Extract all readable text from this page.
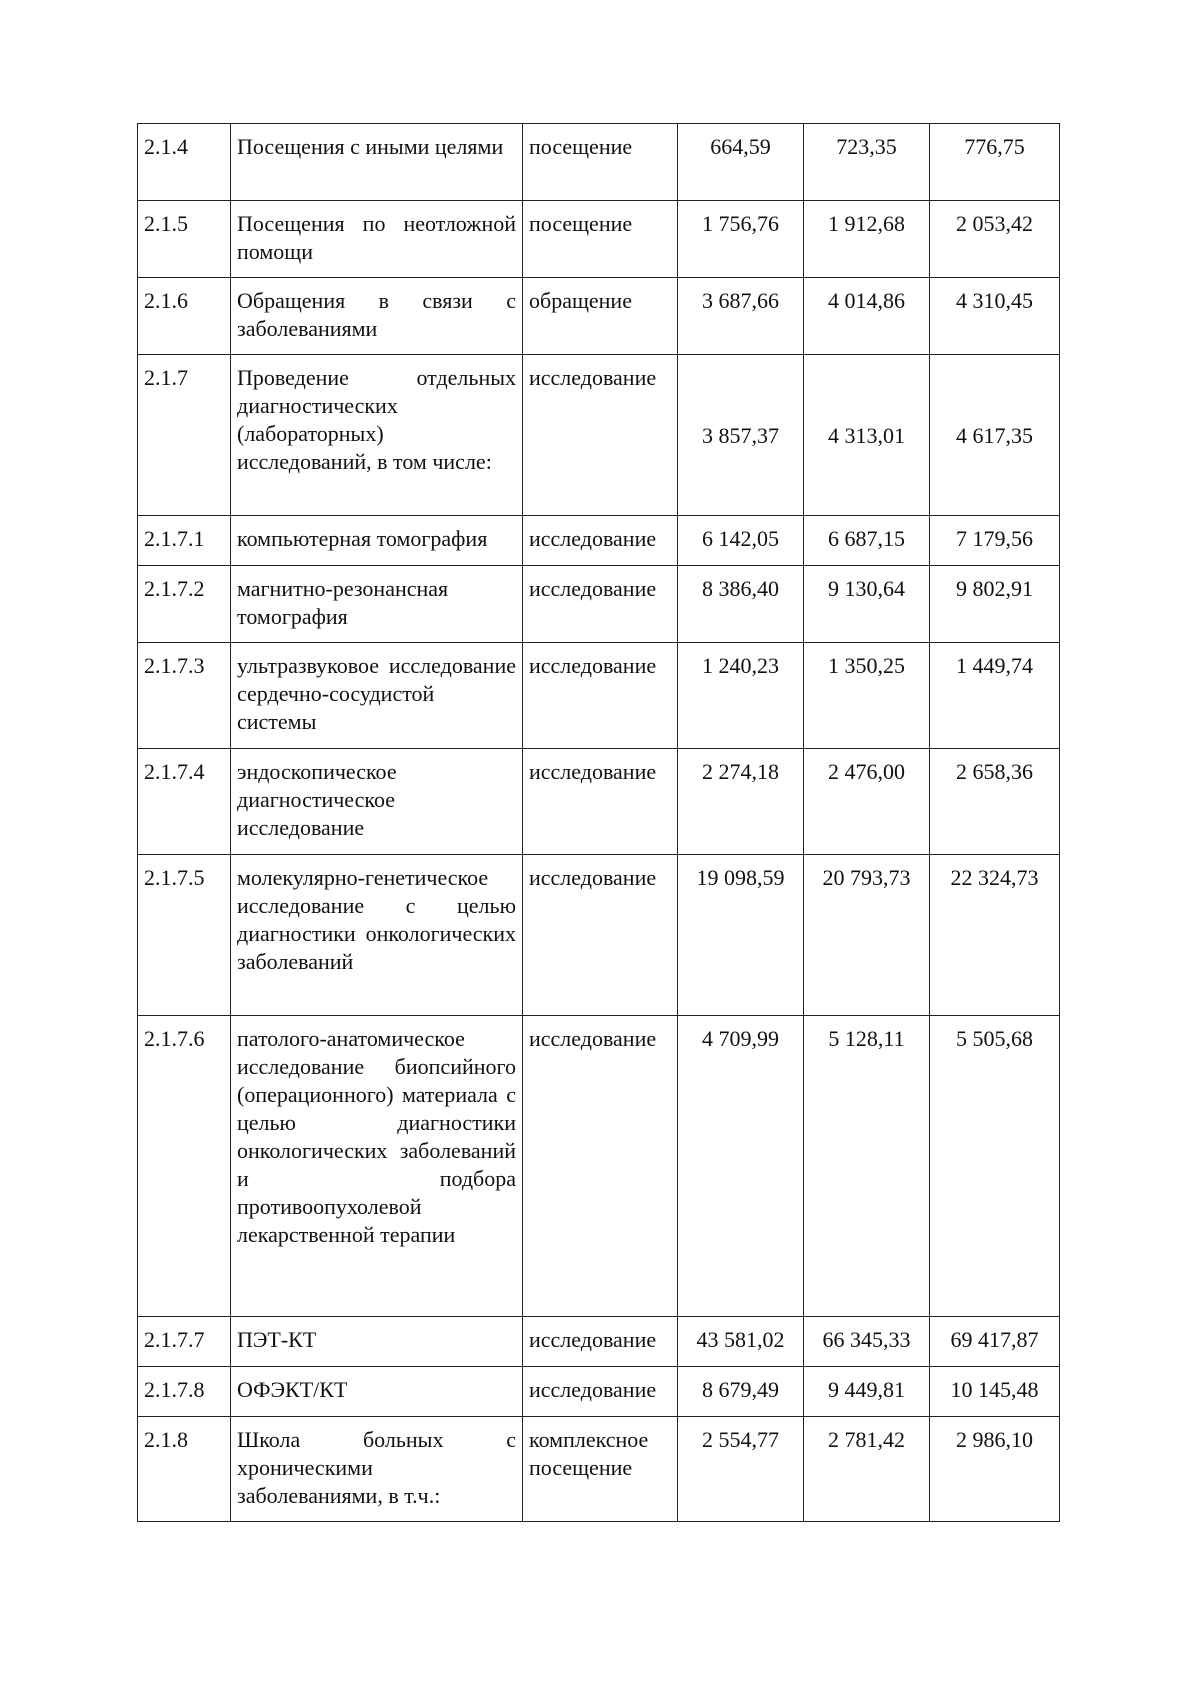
2.1.4	Посещения с иными целями	посещение	664,59	723,35	776,75
2.1.5	Посещения по неотложной помощи	посещение	1 756,76	1 912,68	2 053,42
2.1.6	Обращения в связи с заболеваниями	обращение	3 687,66	4 014,86	4 310,45
2.1.7	Проведение отдельных диагностических (лабораторных) исследований, в том числе:	исследование	3 857,37	4 313,01	4 617,35
2.1.7.1	компьютерная томография	исследование	6 142,05	6 687,15	7 179,56
2.1.7.2	магнитно-резонансная томография	исследование	8 386,40	9 130,64	9 802,91
2.1.7.3	ультразвуковое исследование сердечно-сосудистой системы	исследование	1 240,23	1 350,25	1 449,74
2.1.7.4	эндоскопическое диагностическое исследование	исследование	2 274,18	2 476,00	2 658,36
2.1.7.5	молекулярно-генетическое исследование с целью диагностики онкологических заболеваний	исследование	19 098,59	20 793,73	22 324,73
2.1.7.6	патолого-анатомическое исследование биопсийного (операционного) материала с целью диагностики онкологических заболеваний и подбора противоопухолевой лекарственной терапии	исследование	4 709,99	5 128,11	5 505,68
2.1.7.7	ПЭТ-КТ	исследование	43 581,02	66 345,33	69 417,87
2.1.7.8	ОФЭКТ/КТ	исследование	8 679,49	9 449,81	10 145,48
2.1.8	Школа больных с хроническими заболеваниями, в т.ч.:	комплексное посещение	2 554,77	2 781,42	2 986,10
